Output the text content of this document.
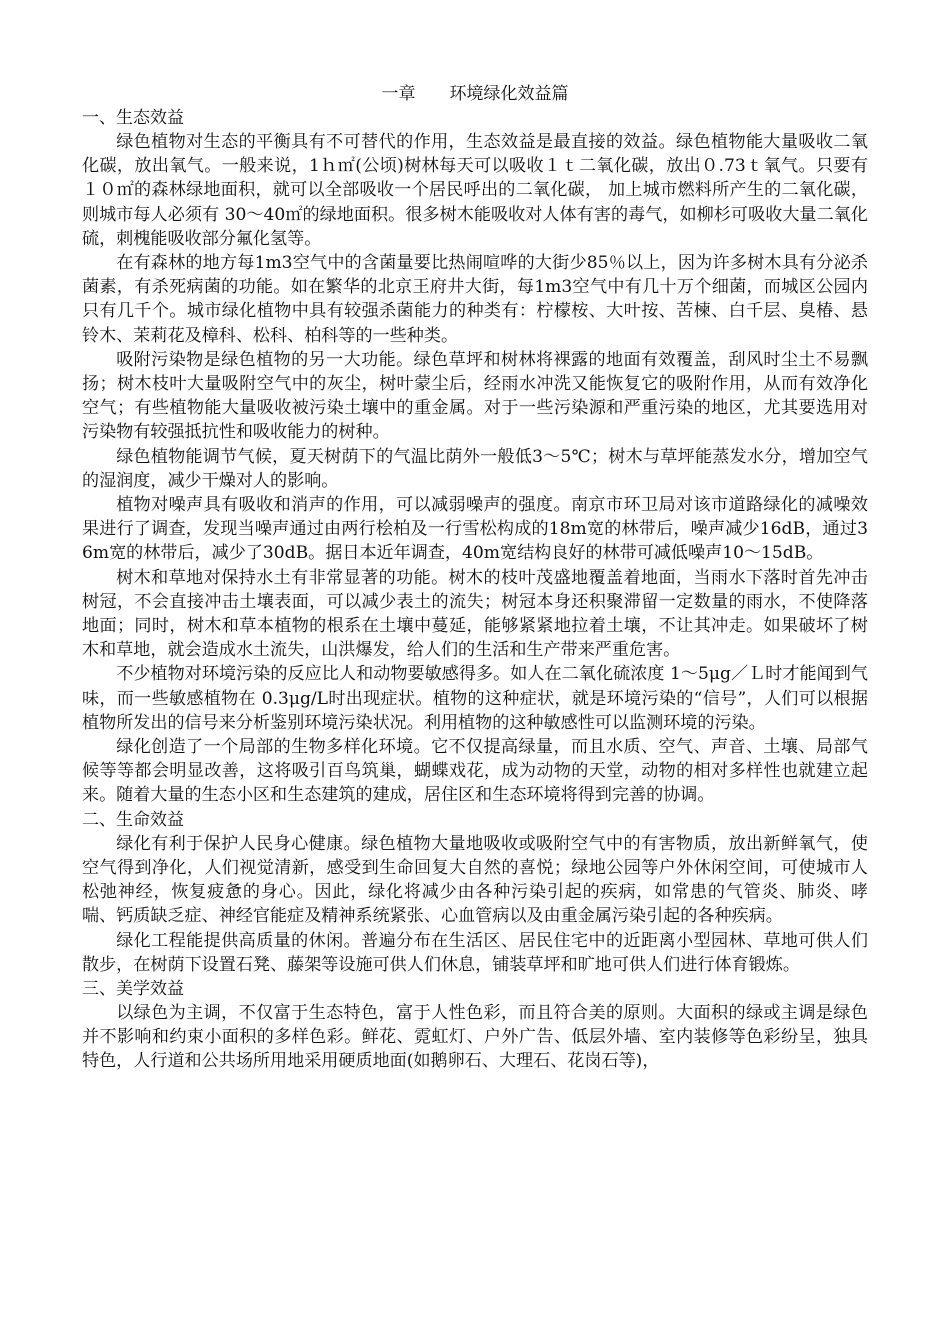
一章　　环境绿化效益篇
一、生态效益

绿色植物对生态的平衡具有不可替代的作用，生态效益是最直接的效益。绿色植物能大量吸收二氧化碳，放出氧气。一般来说，1ｈ㎡(公顷)树林每天可以吸收１ｔ二氧化碳，放出０.73ｔ氧气。只要有１０㎡的森林绿地面积，就可以全部吸收一个居民呼出的二氧化碳， 加上城市燃料所产生的二氧化碳，则城市每人必须有 30～40㎡的绿地面积。很多树木能吸收对人体有害的毒气，如柳杉可吸收大量二氧化硫，刺槐能吸收部分氟化氢等。

在有森林的地方每1m3空气中的含菌量要比热闹喧哗的大街少85％以上，因为许多树木具有分泌杀菌素，有杀死病菌的功能。如在繁华的北京王府井大街，每1m3空气中有几十万个细菌，而城区公园内只有几千个。城市绿化植物中具有较强杀菌能力的种类有：柠檬桉、大叶按、苦楝、白千层、臭椿、悬铃木、茉莉花及樟科、松科、柏科等的一些种类。

吸附污染物是绿色植物的另一大功能。绿色草坪和树林将裸露的地面有效覆盖，刮风时尘土不易飘扬；树木枝叶大量吸附空气中的灰尘，树叶蒙尘后，经雨水冲洗又能恢复它的吸附作用，从而有效净化空气；有些植物能大量吸收被污染土壤中的重金属。对于一些污染源和严重污染的地区，尤其要选用对污染物有较强抵抗性和吸收能力的树种。

绿色植物能调节气候，夏天树荫下的气温比荫外一般低3～5℃；树木与草坪能蒸发水分，增加空气的湿润度，减少干燥对人的影响。

植物对噪声具有吸收和消声的作用，可以减弱噪声的强度。南京市环卫局对该市道路绿化的减噪效果进行了调查，发现当噪声通过由两行桧柏及一行雪松构成的18m宽的林带后，噪声减少16dB，通过36m宽的林带后，减少了30dB。据日本近年调查，40m宽结构良好的林带可减低噪声10～15dB。

树木和草地对保持水土有非常显著的功能。树木的枝叶茂盛地覆盖着地面，当雨水下落时首先冲击树冠，不会直接冲击土壤表面，可以减少表土的流失；树冠本身还积聚滞留一定数量的雨水，不使降落地面；同时，树木和草本植物的根系在土壤中蔓延，能够紧紧地拉着土壤，不让其冲走。如果破坏了树木和草地，就会造成水土流失，山洪爆发，给人们的生活和生产带来严重危害。

不少植物对环境污染的反应比人和动物要敏感得多。如人在二氧化硫浓度 1～5μg／Ｌ时才能闻到气味，而一些敏感植物在 0.3μg/L时出现症状。植物的这种症状，就是环境污染的“信号”，人们可以根据植物所发出的信号来分析鉴别环境污染状况。利用植物的这种敏感性可以监测环境的污染。

绿化创造了一个局部的生物多样化环境。它不仅提高绿量，而且水质、空气、声音、土壤、局部气候等等都会明显改善，这将吸引百鸟筑巢，蝴蝶戏花，成为动物的天堂，动物的相对多样性也就建立起来。随着大量的生态小区和生态建筑的建成，居住区和生态环境将得到完善的协调。

二、生命效益

绿化有利于保护人民身心健康。绿色植物大量地吸收或吸附空气中的有害物质，放出新鲜氧气，使空气得到净化，人们视觉清新，感受到生命回复大自然的喜悦；绿地公园等户外休闲空间，可使城市人松弛神经，恢复疲惫的身心。因此，绿化将减少由各种污染引起的疾病，如常患的气管炎、肺炎、哮喘、钙质缺乏症、神经官能症及精神系统紧张、心血管病以及由重金属污染引起的各种疾病。

绿化工程能提供高质量的休闲。普遍分布在生活区、居民住宅中的近距离小型园林、草地可供人们散步，在树荫下设置石凳、藤架等设施可供人们休息，铺装草坪和旷地可供人们进行体育锻炼。

三、美学效益

以绿色为主调，不仅富于生态特色，富于人性色彩，而且符合美的原则。大面积的绿或主调是绿色并不影响和约束小面积的多样色彩。鲜花、霓虹灯、户外广告、低层外墙、室内装修等色彩纷呈，独具特色，人行道和公共场所用地采用硬质地面(如鹅卵石、大理石、花岗石等)，
